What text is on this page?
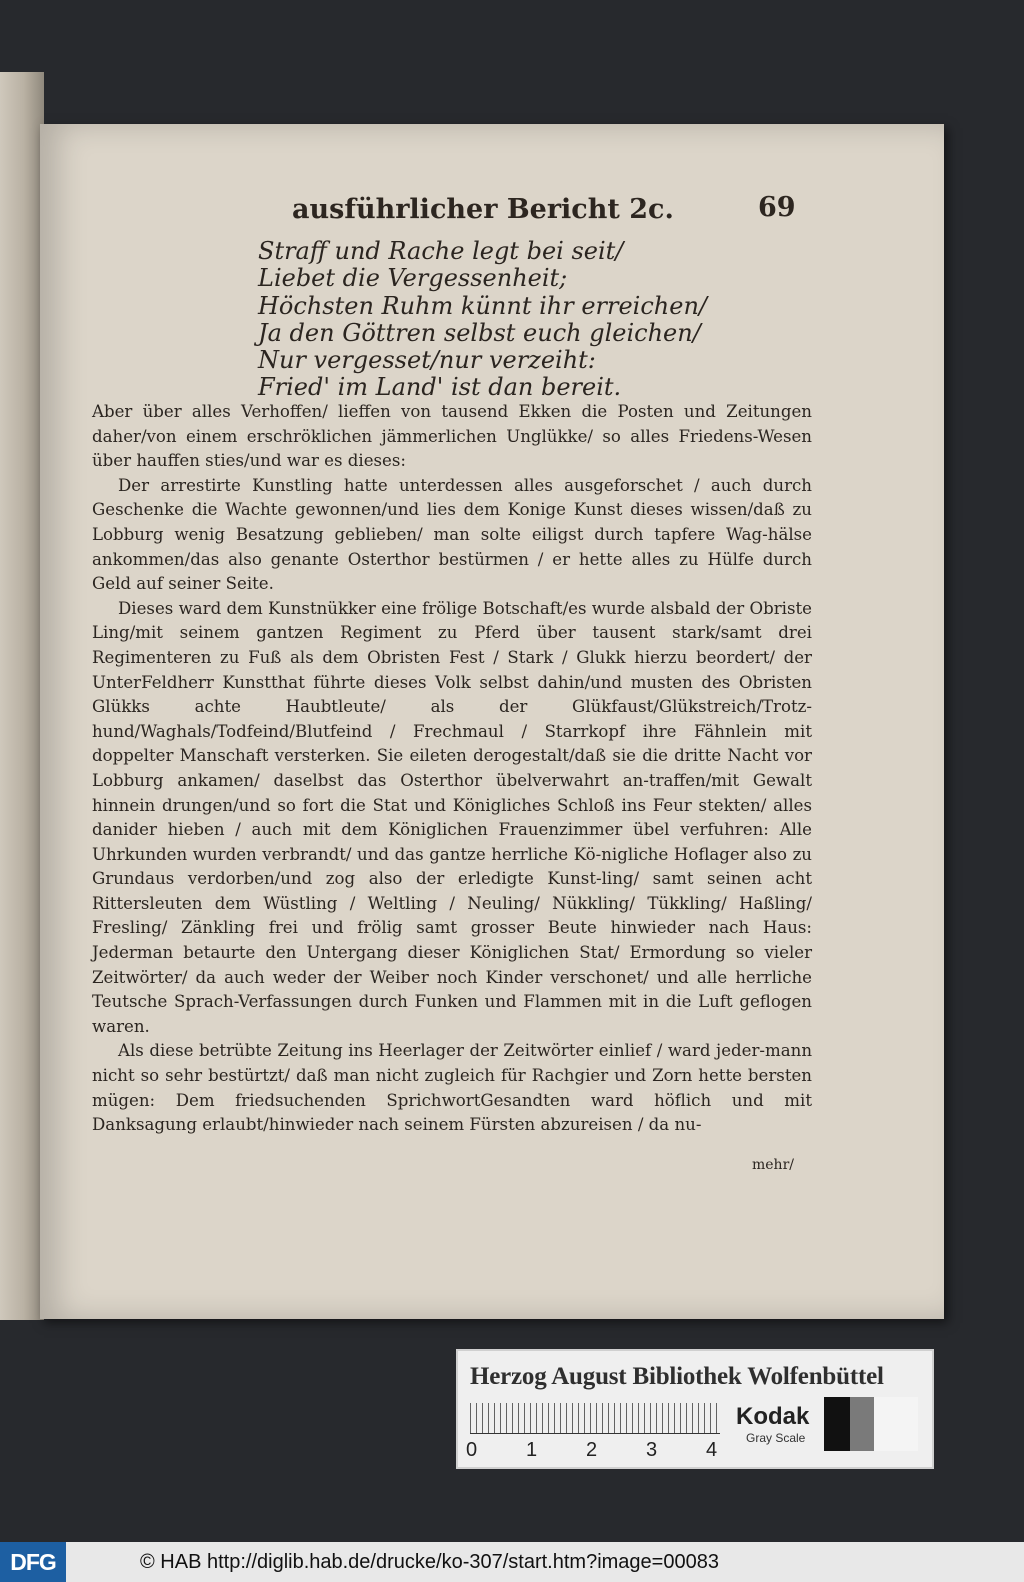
ausführlicher Bericht 2c.	69
Straff und Rache legt bei seit/
Liebet die Vergessenheit;
Höchsten Ruhm künnt ihr erreichen/
Ja den Göttren selbst euch gleichen/
Nur vergesset/nur verzeiht:
Fried' im Land' ist dan bereit.

Aber über alles Verhoffen/ lieffen von tausend Ekken die Posten und Zeitungen daher/von einem erschröklichen jämmerlichen Unglükke/ so alles Friedens-Wesen über hauffen sties/und war es dieses:

Der arrestirte Kunstling hatte unterdessen alles ausgeforschet / auch durch Geschenke die Wachte gewonnen/und lies dem Konige Kunst dieses wissen/daß zu Lobburg wenig Besatzung geblieben/ man solte eiligst durch tapfere Wag-hälse ankommen/das also genante Osterthor bestürmen / er hette alles zu Hülfe durch Geld auf seiner Seite.

Dieses ward dem Kunstnükker eine frölige Botschaft/es wurde alsbald der Obriste Ling/mit seinem gantzen Regiment zu Pferd über tausent stark/samt drei Regimenteren zu Fuß als dem Obristen Fest / Stark / Glukk hierzu beordert/ der UnterFeldherr Kunstthat führte dieses Volk selbst dahin/und musten des Obristen Glükks achte Haubtleute/ als der Glükfaust/Glükstreich/Trotz-hund/Waghals/Todfeind/Blutfeind / Frechmaul / Starrkopf ihre Fähnlein mit doppelter Manschaft versterken. Sie eileten derogestalt/daß sie die dritte Nacht vor Lobburg ankamen/ daselbst das Osterthor übelverwahrt an-traffen/mit Gewalt hinnein drungen/und so fort die Stat und Königliches Schloß ins Feur stekten/ alles danider hieben / auch mit dem Königlichen Frauenzimmer übel verfuhren: Alle Uhrkunden wurden verbrandt/ und das gantze herrliche Kö-nigliche Hoflager also zu Grundaus verdorben/und zog also der erledigte Kunst-ling/ samt seinen acht Rittersleuten dem Wüstling / Weltling / Neuling/ Nükkling/ Tükkling/ Haßling/ Fresling/ Zänkling frei und frölig samt grosser Beute hinwieder nach Haus: Jederman betaurte den Untergang dieser Königlichen Stat/ Ermordung so vieler Zeitwörter/ da auch weder der Weiber noch Kinder verschonet/ und alle herrliche Teutsche Sprach-Verfassungen durch Funken und Flammen mit in die Luft geflogen waren.

Als diese betrübte Zeitung ins Heerlager der Zeitwörter einlief / ward jeder-mann nicht so sehr bestürtzt/ daß man nicht zugleich für Rachgier und Zorn hette bersten mügen: Dem friedsuchenden SprichwortGesandten ward höflich und mit Danksagung erlaubt/hinwieder nach seinem Fürsten abzureisen / da nu-

mehr/
Herzog August Bibliothek Wolfenbüttel
0 1 2 3 4
Kodak
Gray Scale
DFG	© HAB http://diglib.hab.de/drucke/ko-307/start.htm?image=00083
